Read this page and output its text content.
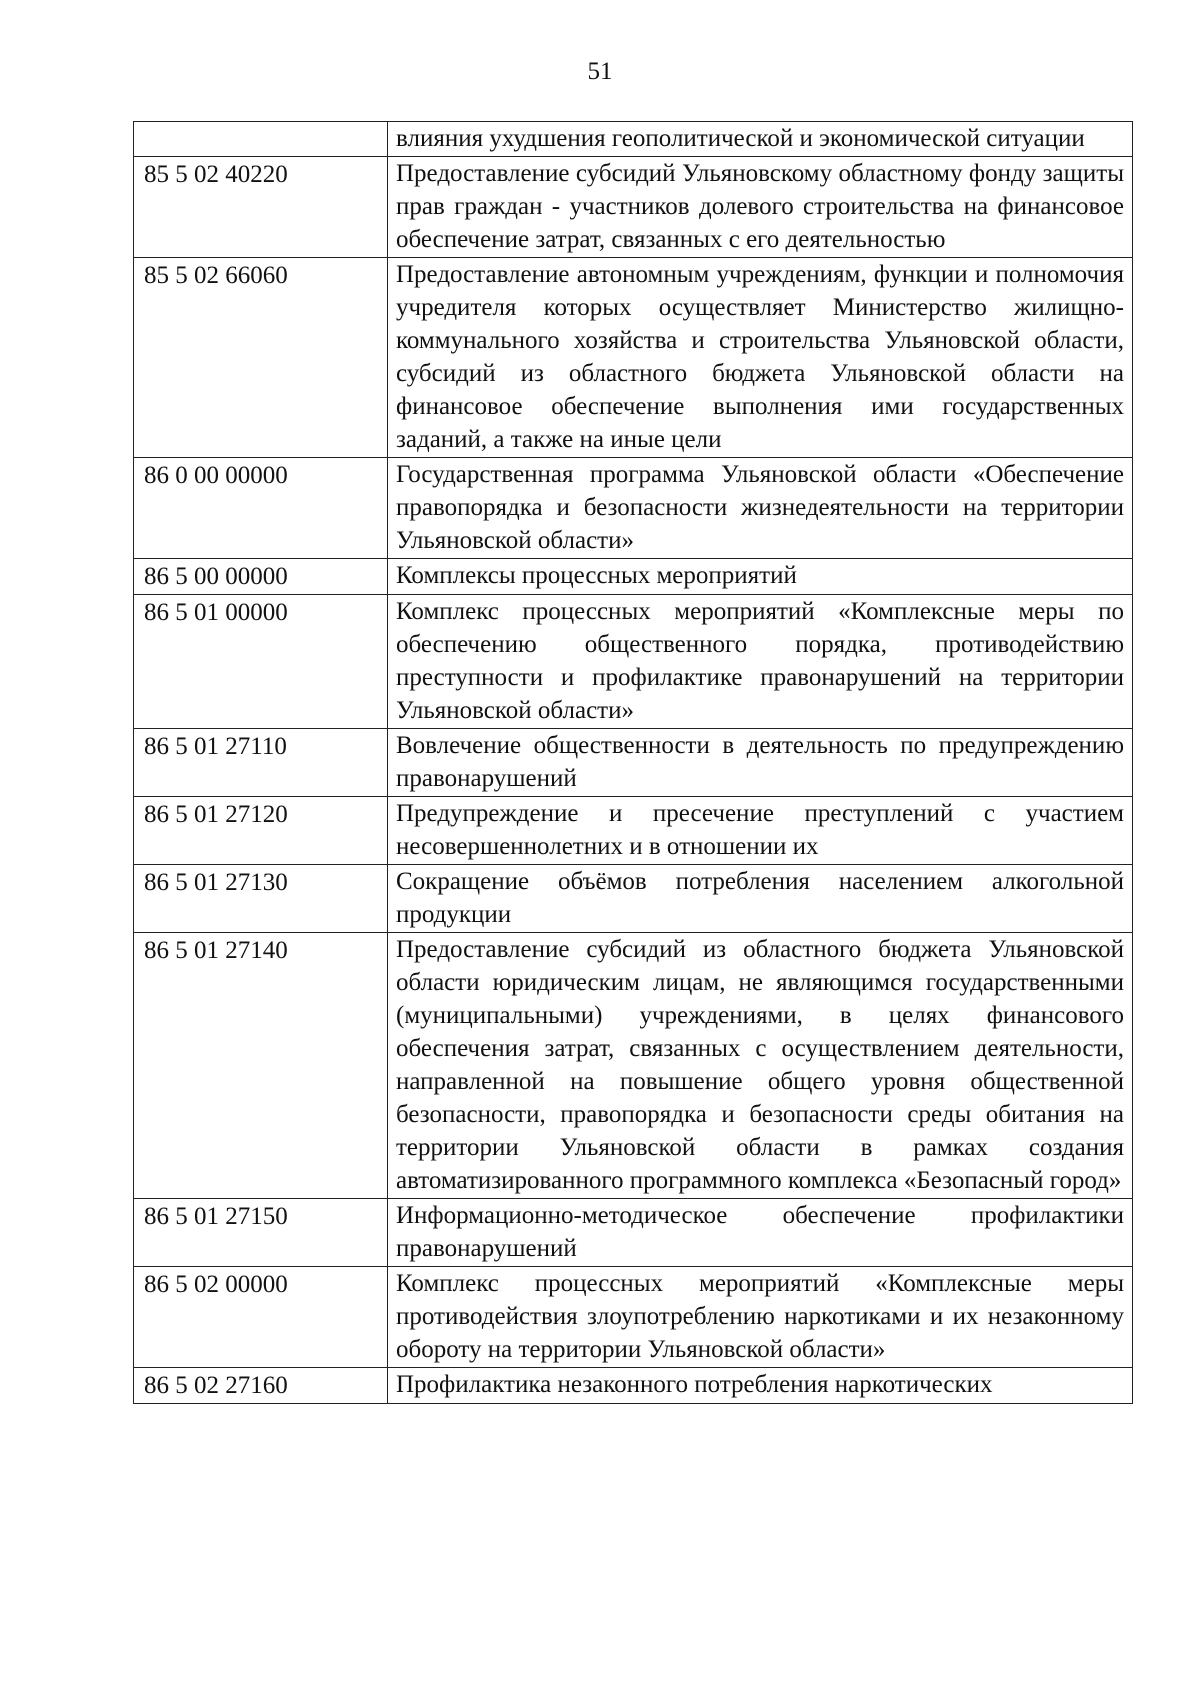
51
	влияния ухудшения геополитической и экономической ситуации
85 5 02 40220	Предоставление субсидий Ульяновскому областному фонду защиты прав граждан - участников долевого строительства на финансовое обеспечение затрат, связанных с его деятельностью
85 5 02 66060	Предоставление автономным учреждениям, функции и полномочия учредителя которых осуществляет Министерство жилищно-коммунального хозяйства и строительства Ульяновской области, субсидий из областного бюджета Ульяновской области на финансовое обеспечение выполнения ими государственных заданий, а также на иные цели
86 0 00 00000	Государственная программа Ульяновской области «Обеспечение правопорядка и безопасности жизнедеятельности на территории Ульяновской области»
86 5 00 00000	Комплексы процессных мероприятий
86 5 01 00000	Комплекс процессных мероприятий «Комплексные меры по обеспечению общественного порядка, противодействию преступности и профилактике правонарушений на территории Ульяновской области»
86 5 01 27110	Вовлечение общественности в деятельность по предупреждению правонарушений
86 5 01 27120	Предупреждение и пресечение преступлений с участием несовершеннолетних и в отношении их
86 5 01 27130	Сокращение объёмов потребления населением алкогольной продукции
86 5 01 27140	Предоставление субсидий из областного бюджета Ульяновской области юридическим лицам, не являющимся государственными (муниципальными) учреждениями, в целях финансового обеспечения затрат, связанных с осуществлением деятельности, направленной на повышение общего уровня общественной безопасности, правопорядка и безопасности среды обитания на территории Ульяновской области в рамках создания автоматизированного программного комплекса «Безопасный город»
86 5 01 27150	Информационно-методическое обеспечение профилактики правонарушений
86 5 02 00000	Комплекс процессных мероприятий «Комплексные меры противодействия злоупотреблению наркотиками и их незаконному обороту на территории Ульяновской области»
86 5 02 27160	Профилактика незаконного потребления наркотических
